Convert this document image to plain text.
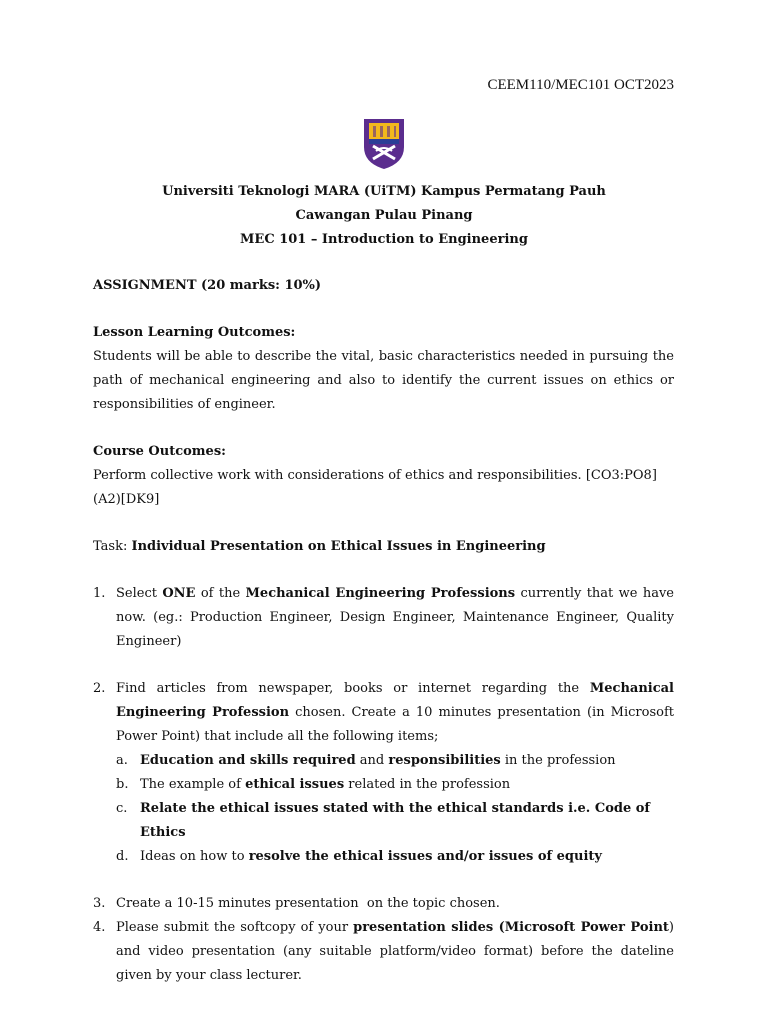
CEEM110/MEC101 OCT2023
Universiti Teknologi MARA (UiTM) Kampus Permatang Pauh
Cawangan Pulau Pinang
MEC 101 – Introduction to Engineering

ASSIGNMENT (20 marks: 10%)

Lesson Learning Outcomes:

Students will be able to describe the vital, basic characteristics needed in pursuing the path of mechanical engineering and also to identify the current issues on ethics or responsibilities of engineer.

Course Outcomes:

Perform collective work with considerations of ethics and responsibilities. [CO3:PO8](A2)[DK9]

Task: Individual Presentation on Ethical Issues in Engineering

1. Select ONE of the Mechanical Engineering Professions currently that we have now. (eg.: Production Engineer, Design Engineer, Maintenance Engineer, Quality Engineer)
2. Find articles from newspaper, books or internet regarding the Mechanical Engineering Profession chosen. Create a 10 minutes presentation (in Microsoft Power Point) that include all the following items;
a. Education and skills required and responsibilities in the profession
b. The example of ethical issues related in the profession
c. Relate the ethical issues stated with the ethical standards i.e. Code of Ethics
d. Ideas on how to resolve the ethical issues and/or issues of equity
3. Create a 10-15 minutes presentation  on the topic chosen.
4. Please submit the softcopy of your presentation slides (Microsoft Power Point) and video presentation (any suitable platform/video format) before the dateline given by your class lecturer.
